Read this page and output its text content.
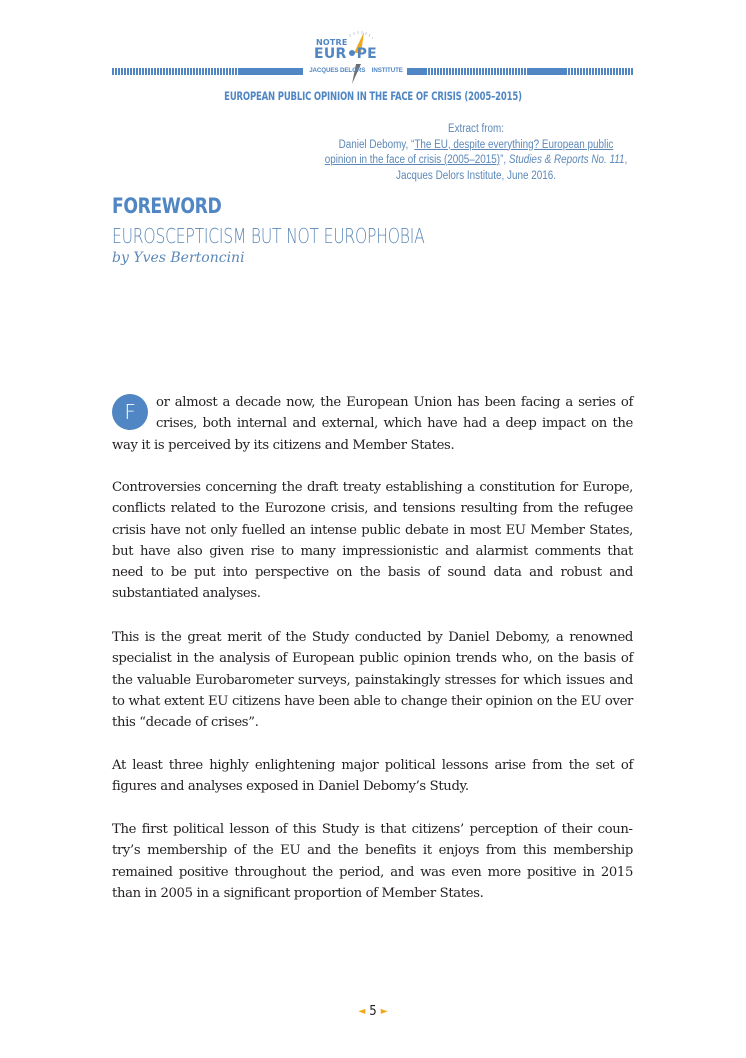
NOTRE
EUR PE
JACQUES DELORS INSTITUTE
EUROPEAN PUBLIC OPINION IN THE FACE OF CRISIS (2005–2015)
Extract from:
Daniel Debomy, “The EU, despite everything? European public opinion in the face of crisis (2005–2015)”, Studies & Reports No. 111, Jacques Delors Institute, June 2016.
FOREWORD
EUROSCEPTICISM BUT NOT EUROPHOBIA
by Yves Bertoncini
F	or almost a decade now, the European Union has been facing a series of crises, both internal and external, which have had a deep impact on the way it is perceived by its citizens and Member States.
Controversies concerning the draft treaty establishing a constitution for Europe, conflicts related to the Eurozone crisis, and tensions resulting from the refugee crisis have not only fuelled an intense public debate in most EU Member States, but have also given rise to many impressionistic and alarmist comments that need to be put into perspective on the basis of sound data and robust and substantiated analyses.
This is the great merit of the Study conducted by Daniel Debomy, a renowned specialist in the analysis of European public opinion trends who, on the basis of the valuable Eurobarometer surveys, painstakingly stresses for which issues and to what extent EU citizens have been able to change their opinion on the EU over this “decade of crises”.
At least three highly enlightening major political lessons arise from the set of figures and analyses exposed in Daniel Debomy’s Study.
The first political lesson of this Study is that citizens’ perception of their country’s membership of the EU and the benefits it enjoys from this membership remained positive throughout the period, and was even more positive in 2015 than in 2005 in a significant proportion of Member States.
◄ 5 ►
